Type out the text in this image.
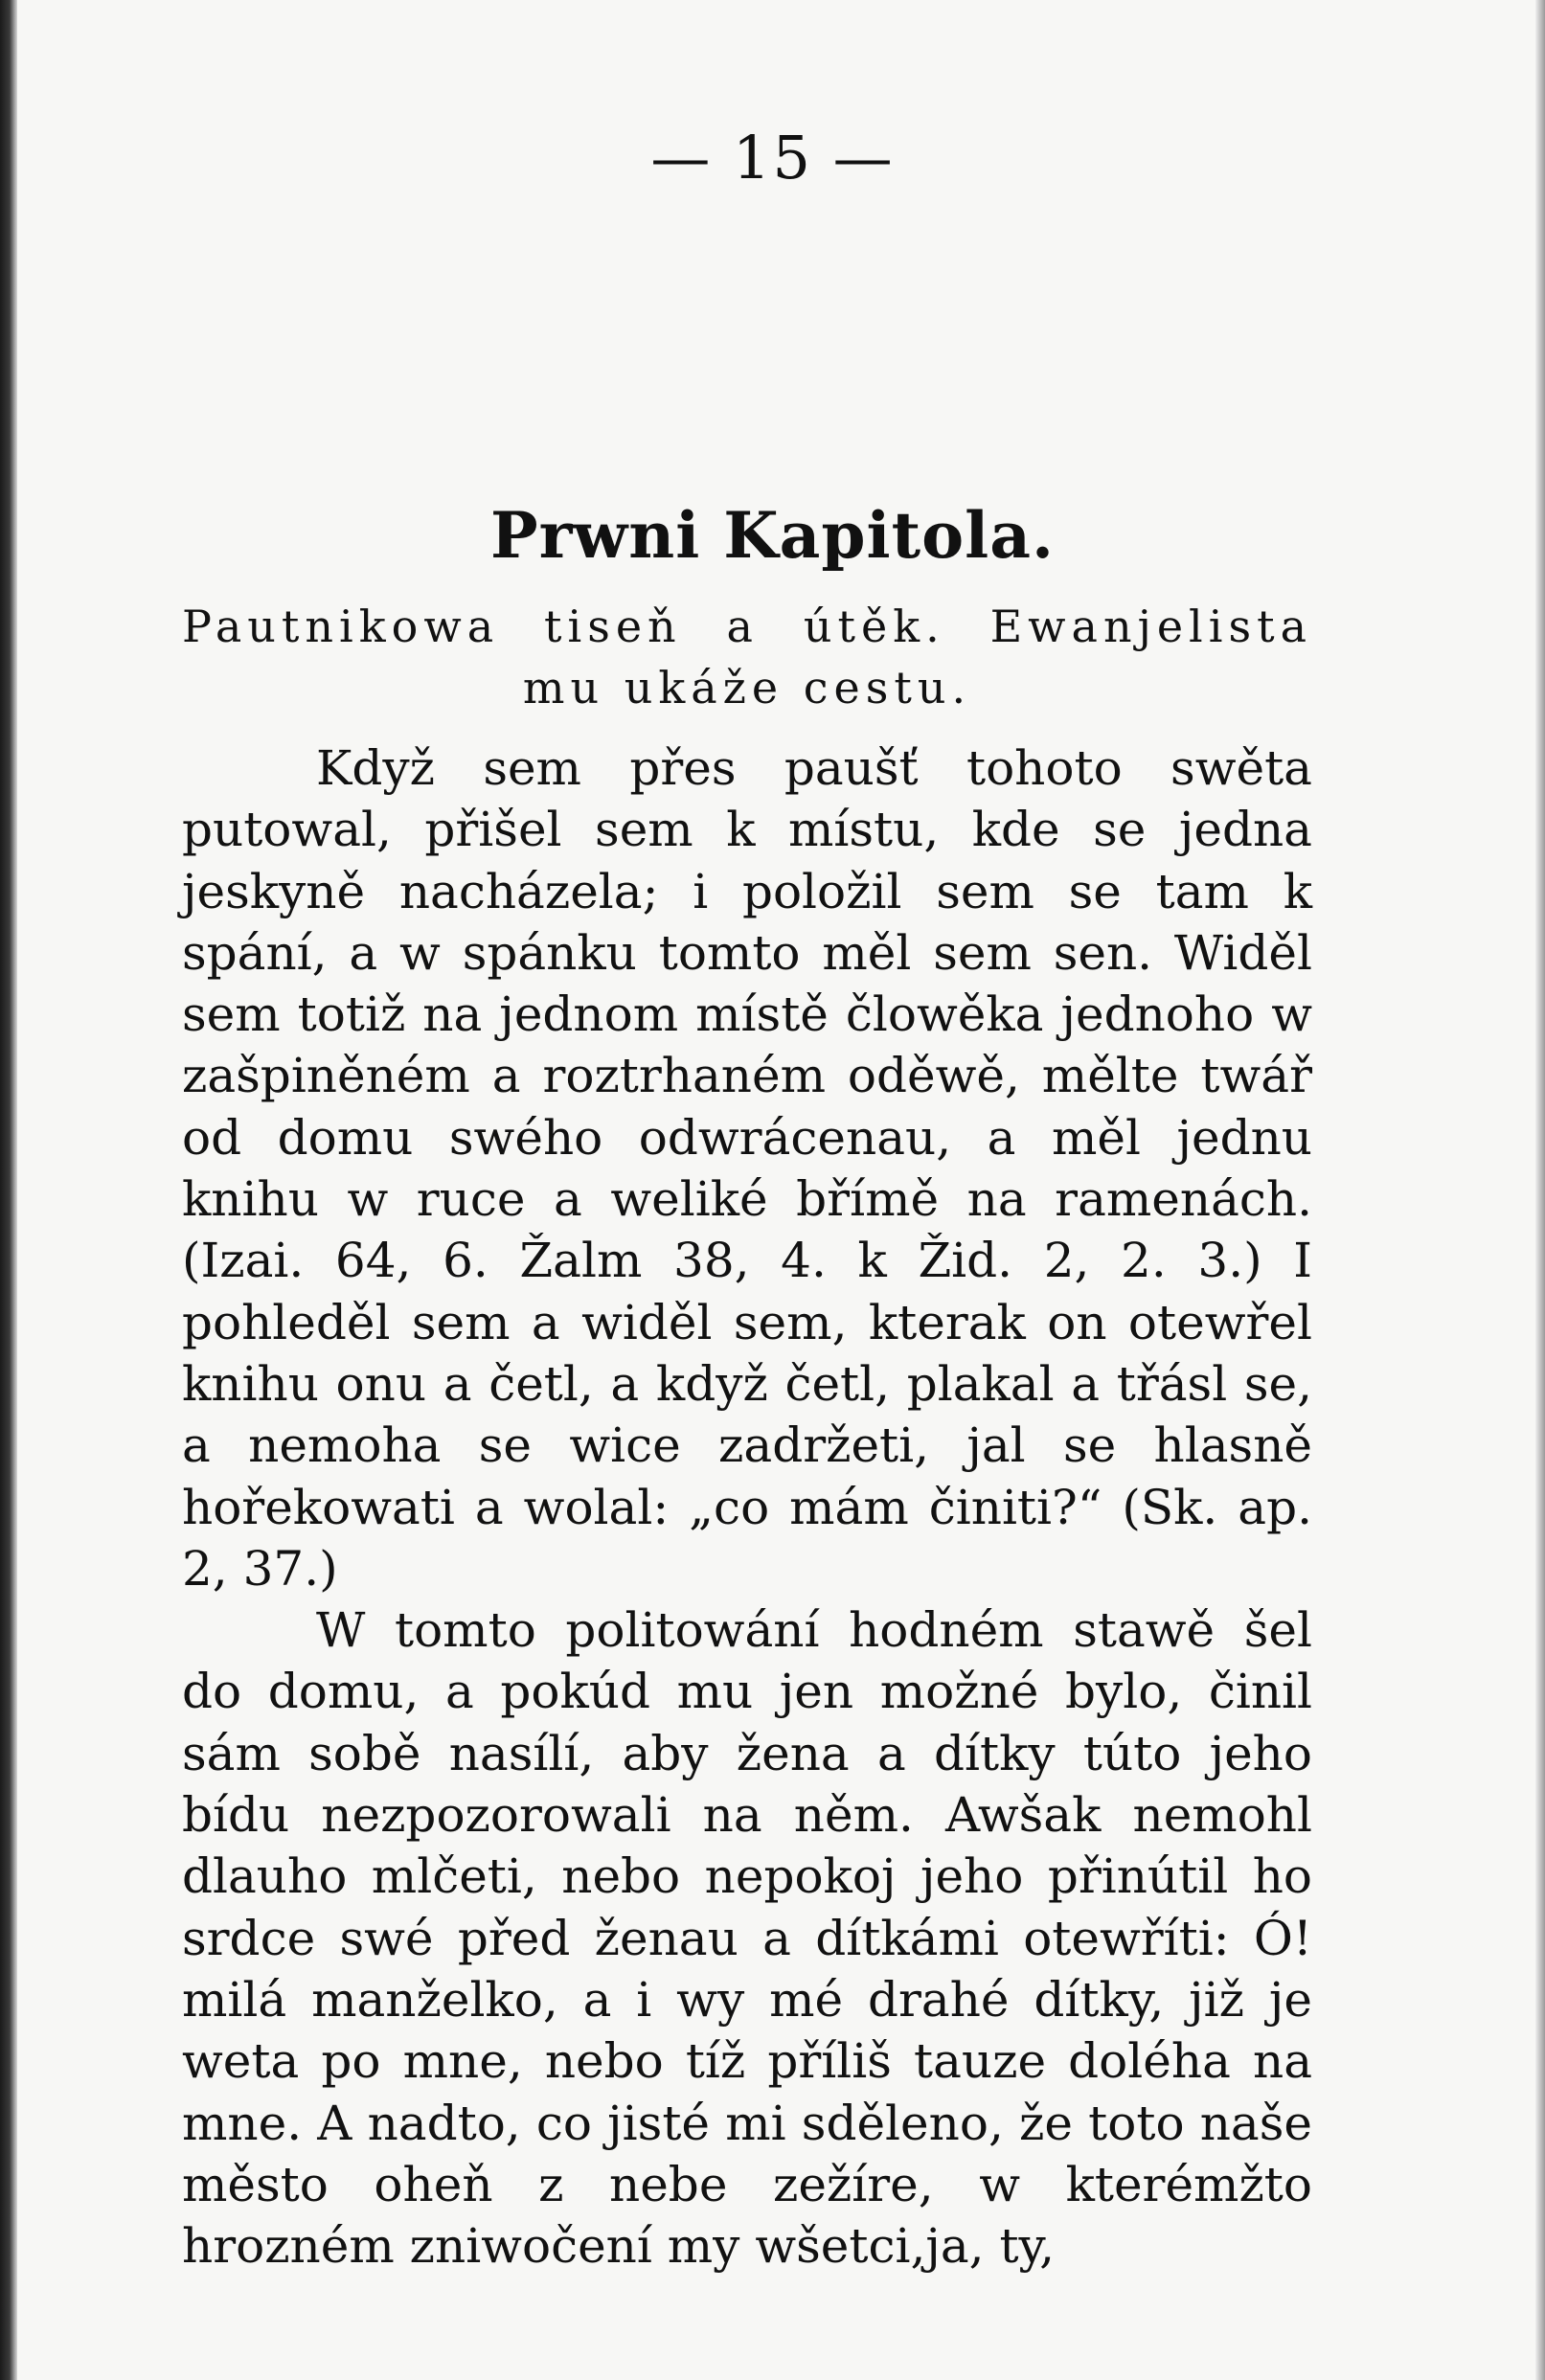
— 15 —
Prwni Kapitola.
Pautnikowa tiseň a útěk. Ewanjelista mu ukáže cestu.

Když sem přes paušť tohoto swěta putowal, přišel sem k místu, kde se jedna jeskyně nacházela; i položil sem se tam k spání, a w spánku tomto měl sem sen. Widěl sem totiž na jednom místě člowěka jednoho w zašpiněném a roztrhaném oděwě, mělte twář od domu swého odwrácenau, a měl jednu knihu w ruce a weliké břímě na ramenách. (Izai. 64, 6. Žalm 38, 4. k Žid. 2, 2. 3.) I pohleděl sem a widěl sem, kterak on otewřel knihu onu a četl, a když četl, plakal a třásl se, a nemoha se wice zadržeti, jal se hlasně hořekowati a wolal: „co mám činiti?“ (Sk. ap. 2, 37.)

W tomto politowání hodném stawě šel do domu, a pokúd mu jen možné bylo, činil sám sobě nasílí, aby žena a dítky túto jeho bídu nezpozorowali na něm. Awšak nemohl dlauho mlčeti, nebo nepokoj jeho přinútil ho srdce swé před ženau a dítkámi otewříti: Ó! milá manželko, a i wy mé drahé dítky, již je weta po mne, nebo tíž příliš tauze doléha na mne. A nadto, co jisté mi sděleno, že toto naše město oheň z nebe zežíre, w kterémžto hrozném zniwočení my wšetci,ja, ty,
